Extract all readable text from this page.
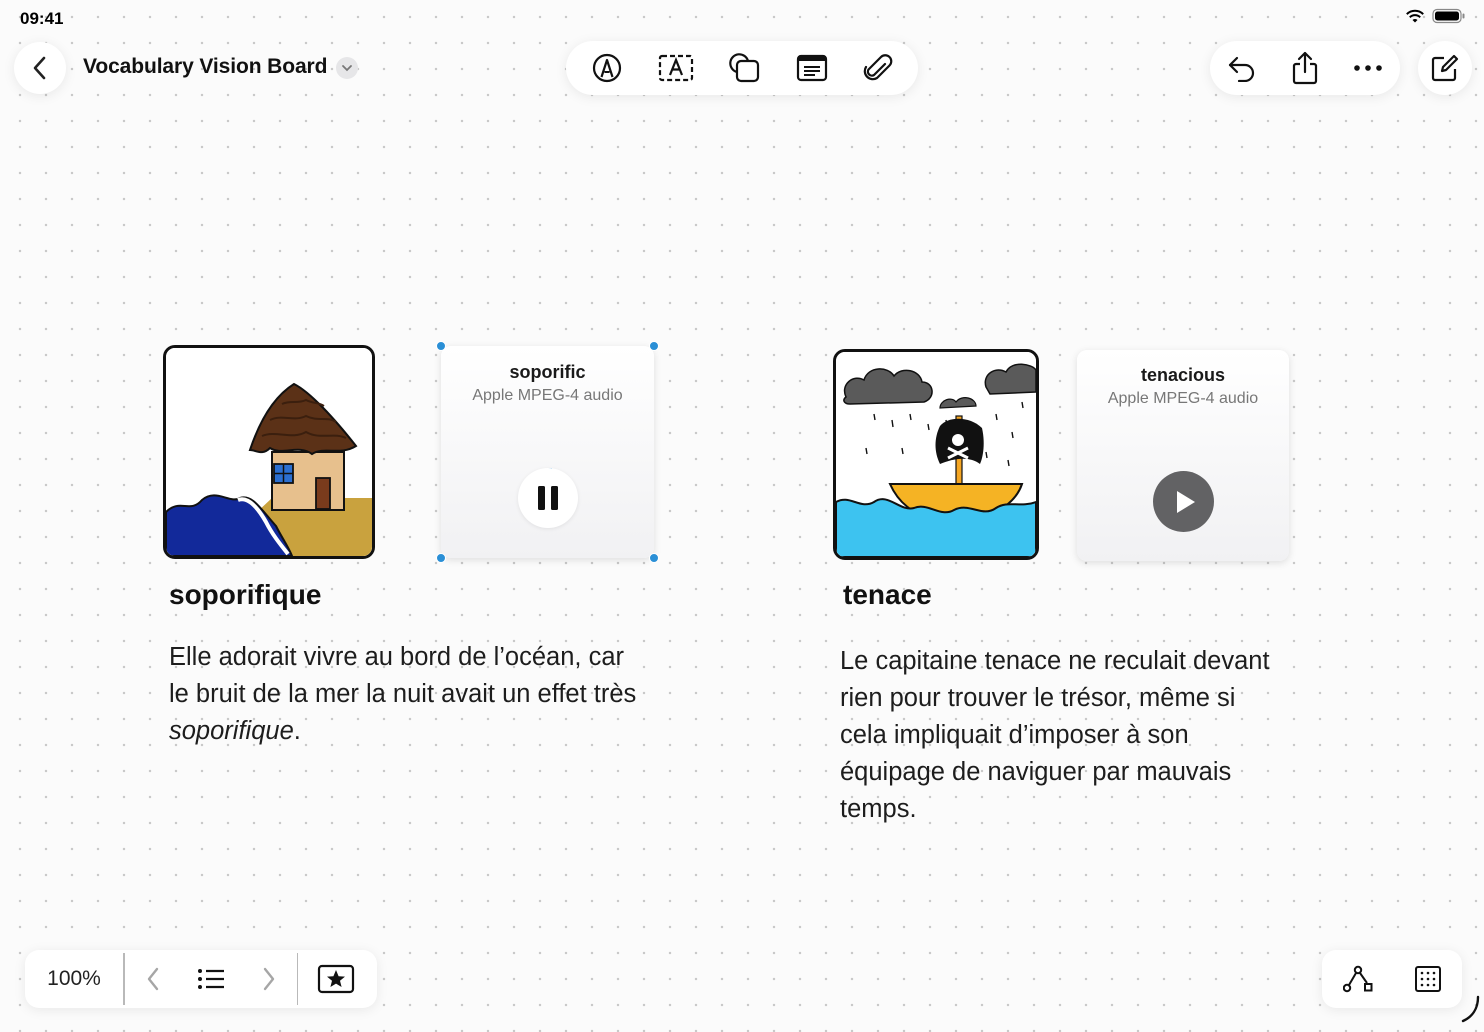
09:41
Vocabulary Vision Board
soporific
Apple MPEG-4 audio
soporifique
Elle adorait vivre au bord de l’océan, car le bruit de la mer la nuit avait un effet très soporifique.
tenacious
Apple MPEG-4 audio
tenace
Le capitaine tenace ne reculait devant rien pour trouver le trésor, même si cela impliquait d’imposer à son équipage de naviguer par mauvais temps.
100%
